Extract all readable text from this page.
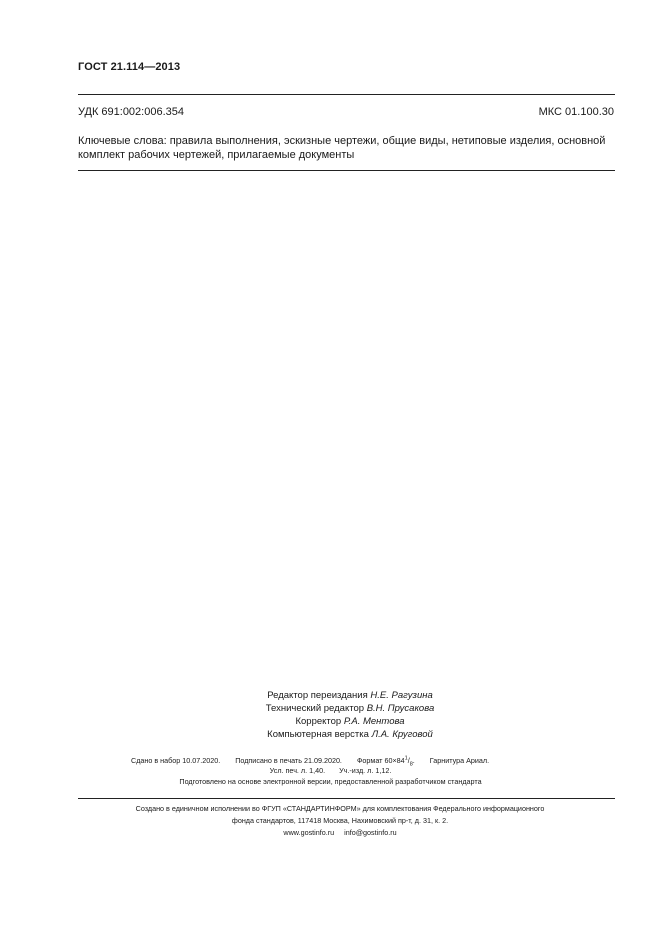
ГОСТ 21.114—2013
УДК 691:002:006.354	МКС 01.100.30
Ключевые слова: правила выполнения, эскизные чертежи, общие виды, нетиповые изделия, основной комплект рабочих чертежей, прилагаемые документы
Редактор переиздания Н.Е. Рагузина
Технический редактор В.Н. Прусакова
Корректор Р.А. Ментова
Компьютерная верстка Л.А. Круговой
Сдано в набор 10.07.2020. Подписано в печать 21.09.2020. Формат $60\times 84^1/_8$. Гарнитура Ариал.
Усл. печ. л. 1,40. Уч.-изд. л. 1,12.
Подготовлено на основе электронной версии, предоставленной разработчиком стандарта
Создано в единичном исполнении во ФГУП «СТАНДАРТИНФОРМ» для комплектования Федерального информационного
фонда стандартов, 117418 Москва, Нахимовский пр-т, д. 31, к. 2.
www.gostinfo.ru info@gostinfo.ru
